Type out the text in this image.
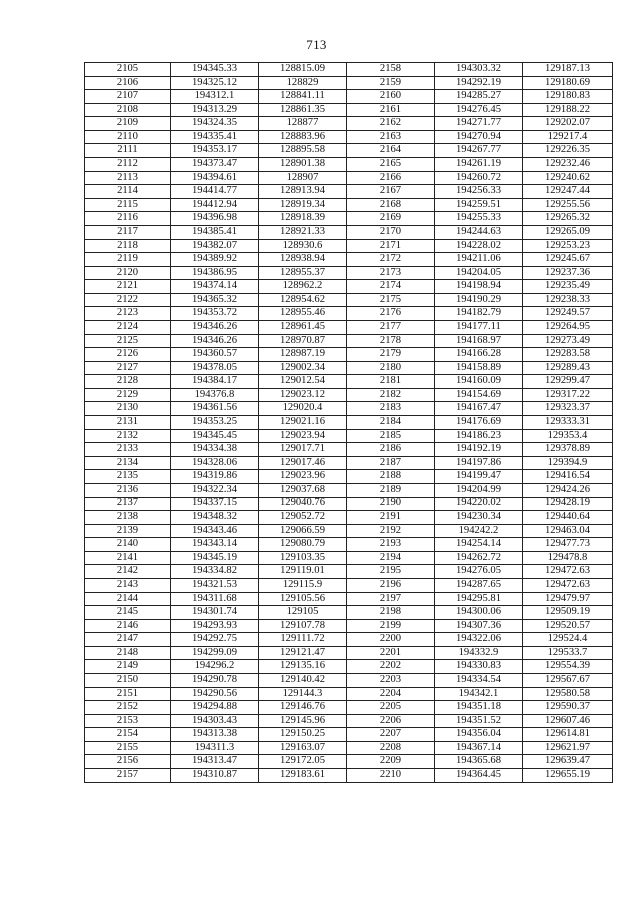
713
2105	194345.33	128815.09	2158	194303.32	129187.13
2106	194325.12	128829	2159	194292.19	129180.69
2107	194312.1	128841.11	2160	194285.27	129180.83
2108	194313.29	128861.35	2161	194276.45	129188.22
2109	194324.35	128877	2162	194271.77	129202.07
2110	194335.41	128883.96	2163	194270.94	129217.4
2111	194353.17	128895.58	2164	194267.77	129226.35
2112	194373.47	128901.38	2165	194261.19	129232.46
2113	194394.61	128907	2166	194260.72	129240.62
2114	194414.77	128913.94	2167	194256.33	129247.44
2115	194412.94	128919.34	2168	194259.51	129255.56
2116	194396.98	128918.39	2169	194255.33	129265.32
2117	194385.41	128921.33	2170	194244.63	129265.09
2118	194382.07	128930.6	2171	194228.02	129253.23
2119	194389.92	128938.94	2172	194211.06	129245.67
2120	194386.95	128955.37	2173	194204.05	129237.36
2121	194374.14	128962.2	2174	194198.94	129235.49
2122	194365.32	128954.62	2175	194190.29	129238.33
2123	194353.72	128955.46	2176	194182.79	129249.57
2124	194346.26	128961.45	2177	194177.11	129264.95
2125	194346.26	128970.87	2178	194168.97	129273.49
2126	194360.57	128987.19	2179	194166.28	129283.58
2127	194378.05	129002.34	2180	194158.89	129289.43
2128	194384.17	129012.54	2181	194160.09	129299.47
2129	194376.8	129023.12	2182	194154.69	129317.22
2130	194361.56	129020.4	2183	194167.47	129323.37
2131	194353.25	129021.16	2184	194176.69	129333.31
2132	194345.45	129023.94	2185	194186.23	129353.4
2133	194334.38	129017.71	2186	194192.19	129378.89
2134	194328.06	129017.46	2187	194197.86	129394.9
2135	194319.86	129023.96	2188	194199.47	129416.54
2136	194322.34	129037.68	2189	194204.99	129424.26
2137	194337.15	129040.76	2190	194220.02	129428.19
2138	194348.32	129052.72	2191	194230.34	129440.64
2139	194343.46	129066.59	2192	194242.2	129463.04
2140	194343.14	129080.79	2193	194254.14	129477.73
2141	194345.19	129103.35	2194	194262.72	129478.8
2142	194334.82	129119.01	2195	194276.05	129472.63
2143	194321.53	129115.9	2196	194287.65	129472.63
2144	194311.68	129105.56	2197	194295.81	129479.97
2145	194301.74	129105	2198	194300.06	129509.19
2146	194293.93	129107.78	2199	194307.36	129520.57
2147	194292.75	129111.72	2200	194322.06	129524.4
2148	194299.09	129121.47	2201	194332.9	129533.7
2149	194296.2	129135.16	2202	194330.83	129554.39
2150	194290.78	129140.42	2203	194334.54	129567.67
2151	194290.56	129144.3	2204	194342.1	129580.58
2152	194294.88	129146.76	2205	194351.18	129590.37
2153	194303.43	129145.96	2206	194351.52	129607.46
2154	194313.38	129150.25	2207	194356.04	129614.81
2155	194311.3	129163.07	2208	194367.14	129621.97
2156	194313.47	129172.05	2209	194365.68	129639.47
2157	194310.87	129183.61	2210	194364.45	129655.19
